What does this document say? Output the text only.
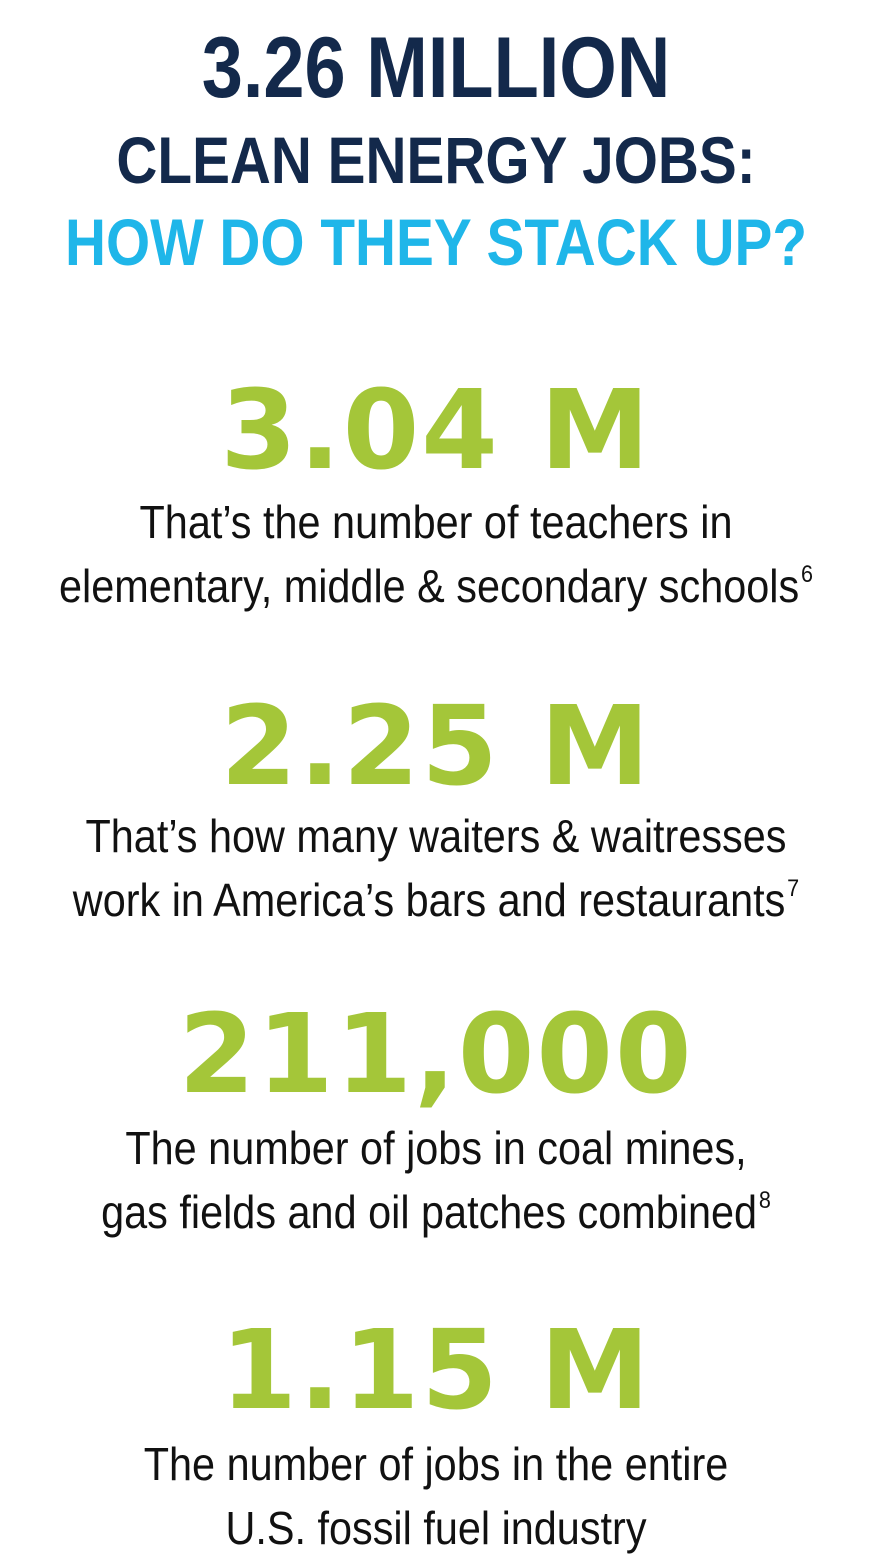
3.26 MILLION
CLEAN ENERGY JOBS:
HOW DO THEY STACK UP?
3.04 M
That’s the number of teachers in
elementary, middle & secondary schools$^6$
2.25 M
That’s how many waiters & waitresses
work in America’s bars and restaurants$^7$
211,000
The number of jobs in coal mines,
gas fields and oil patches combined$^8$
1.15 M
The number of jobs in the entire
U.S. fossil fuel industry
